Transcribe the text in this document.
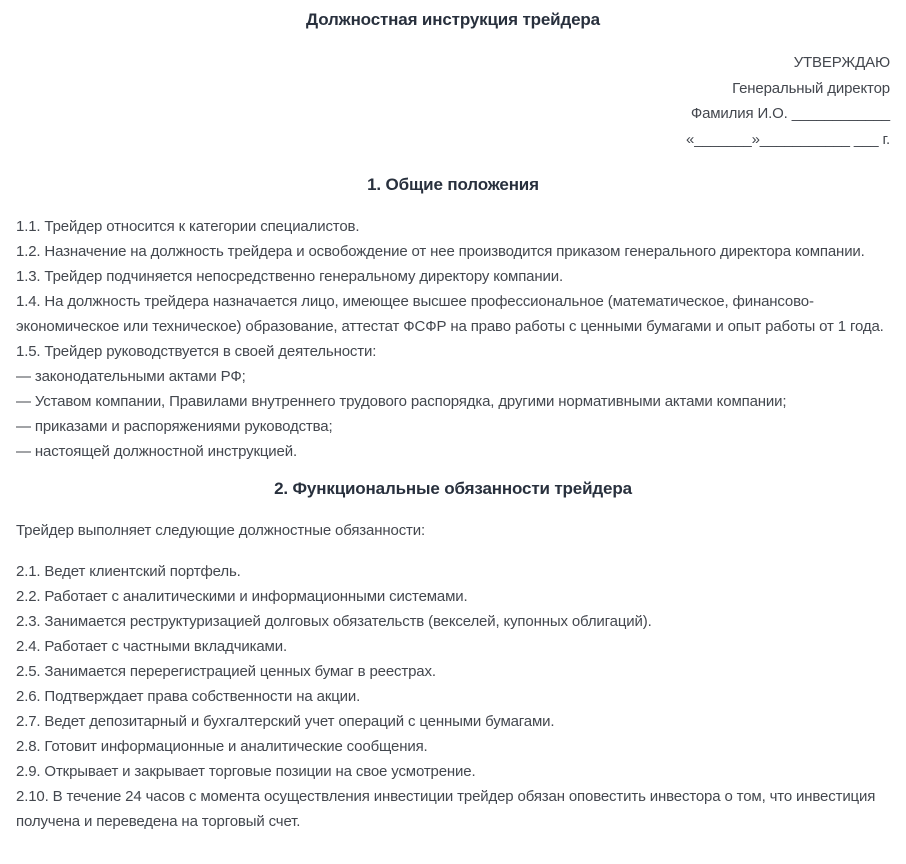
Должностная инструкция трейдера

УТВЕРЖДАЮ

Генеральный директор

Фамилия И.О. ____________

«_______»___________ ___ г.

1. Общие положения

1.1. Трейдер относится к категории специалистов.

1.2. Назначение на должность трейдера и освобождение от нее производится приказом генерального директора компании.

1.3. Трейдер подчиняется непосредственно генеральному директору компании.

1.4. На должность трейдера назначается лицо, имеющее высшее профессиональное (математическое, финансово-экономическое или техническое) образование, аттестат ФСФР на право работы с ценными бумагами и опыт работы от 1 года.

1.5. Трейдер руководствуется в своей деятельности:

— законодательными актами РФ;

— Уставом компании, Правилами внутреннего трудового распорядка, другими нормативными актами компании;

— приказами и распоряжениями руководства;

— настоящей должностной инструкцией.

2. Функциональные обязанности трейдера

Трейдер выполняет следующие должностные обязанности:

2.1. Ведет клиентский портфель.

2.2. Работает с аналитическими и информационными системами.

2.3. Занимается реструктуризацией долговых обязательств (векселей, купонных облигаций).

2.4. Работает с частными вкладчиками.

2.5. Занимается перерегистрацией ценных бумаг в реестрах.

2.6. Подтверждает права собственности на акции.

2.7. Ведет депозитарный и бухгалтерский учет операций с ценными бумагами.

2.8. Готовит информационные и аналитические сообщения.

2.9. Открывает и закрывает торговые позиции на свое усмотрение.

2.10. В течение 24 часов с момента осуществления инвестиции трейдер обязан оповестить инвестора о том, что инвестиция получена и переведена на торговый счет.
